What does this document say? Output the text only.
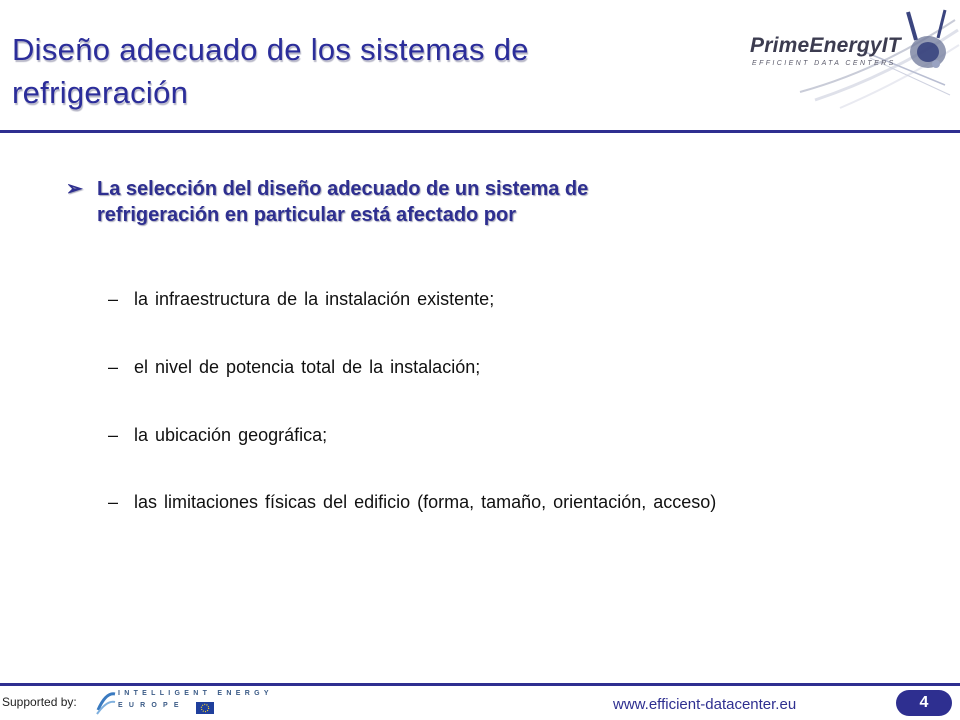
Diseño adecuado de los sistemas de
refrigeración
PrimeEnergyIT
EFFICIENT DATA CENTERS
➢ La selección del diseño adecuado de un sistema de
refrigeración en particular está afectado por
– la infraestructura de la instalación existente;
– el nivel de potencia total de la instalación;
– la ubicación geográfica;
– las limitaciones físicas del edificio (forma, tamaño, orientación, acceso)
Supported by:
INTELLIGENT ENERGY
EUROPE	www.efficient-datacenter.eu	4
